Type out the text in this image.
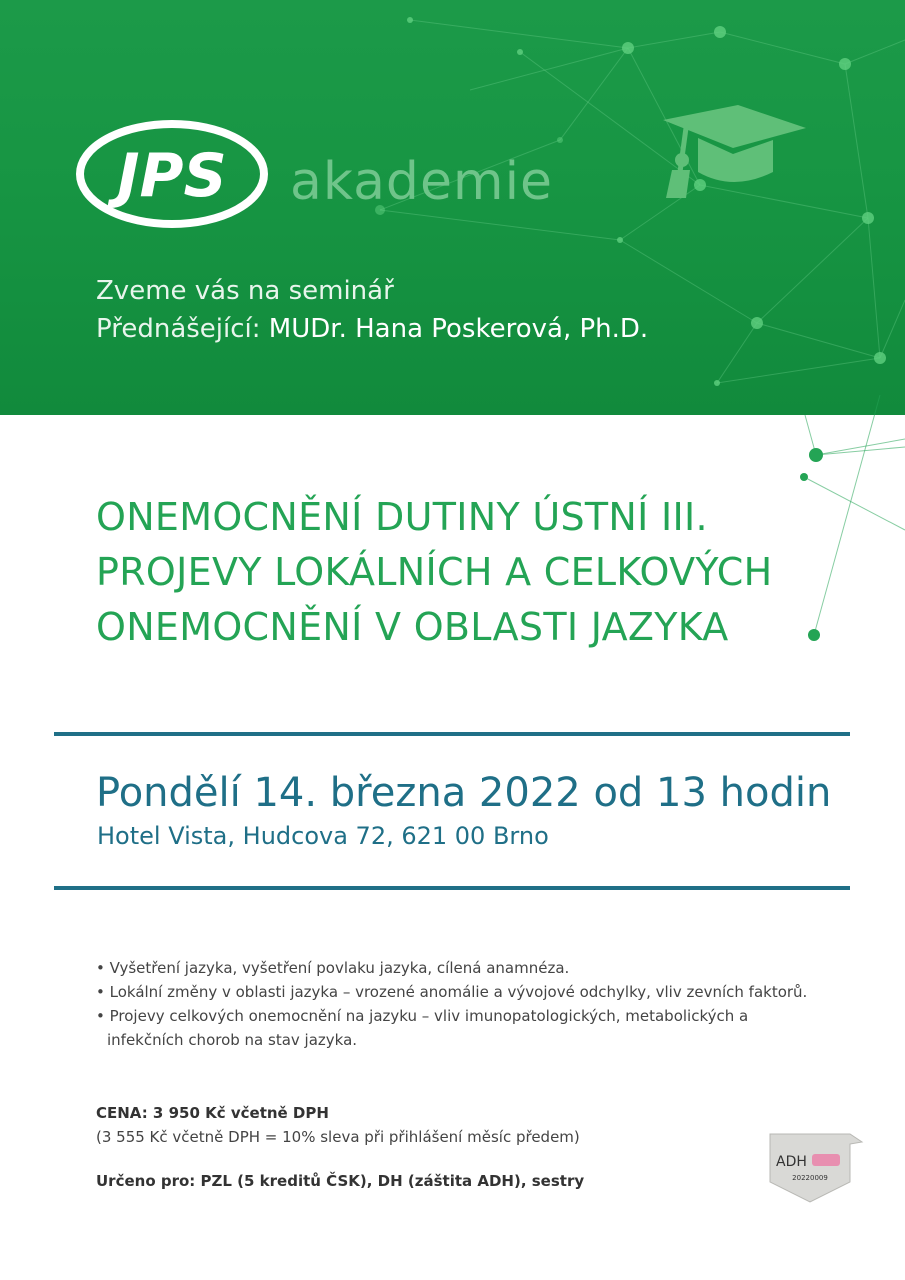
JPS akademie
Zveme vás na seminář
Přednášející: MUDr. Hana Poskerová, Ph.D.
ONEMOCNĚNÍ DUTINY ÚSTNÍ III.
PROJEVY LOKÁLNÍCH A CELKOVÝCH
ONEMOCNĚNÍ V OBLASTI JAZYKA
Pondělí 14. března 2022 od 13 hodin
Hotel Vista, Hudcova 72, 621 00 Brno
• Vyšetření jazyka, vyšetření povlaku jazyka, cílená anamnéza.
• Lokální změny v oblasti jazyka – vrozené anomálie a vývojové odchylky, vliv zevních faktorů.
• Projevy celkových onemocnění na jazyku – vliv imunopatologických, metabolických a infekčních chorob na stav jazyka.
CENA: 3 950 Kč včetně DPH
(3 555 Kč včetně DPH = 10% sleva při přihlášení měsíc předem)
Určeno pro: PZL (5 kreditů ČSK), DH (záštita ADH), sestry
ADH
20220009
